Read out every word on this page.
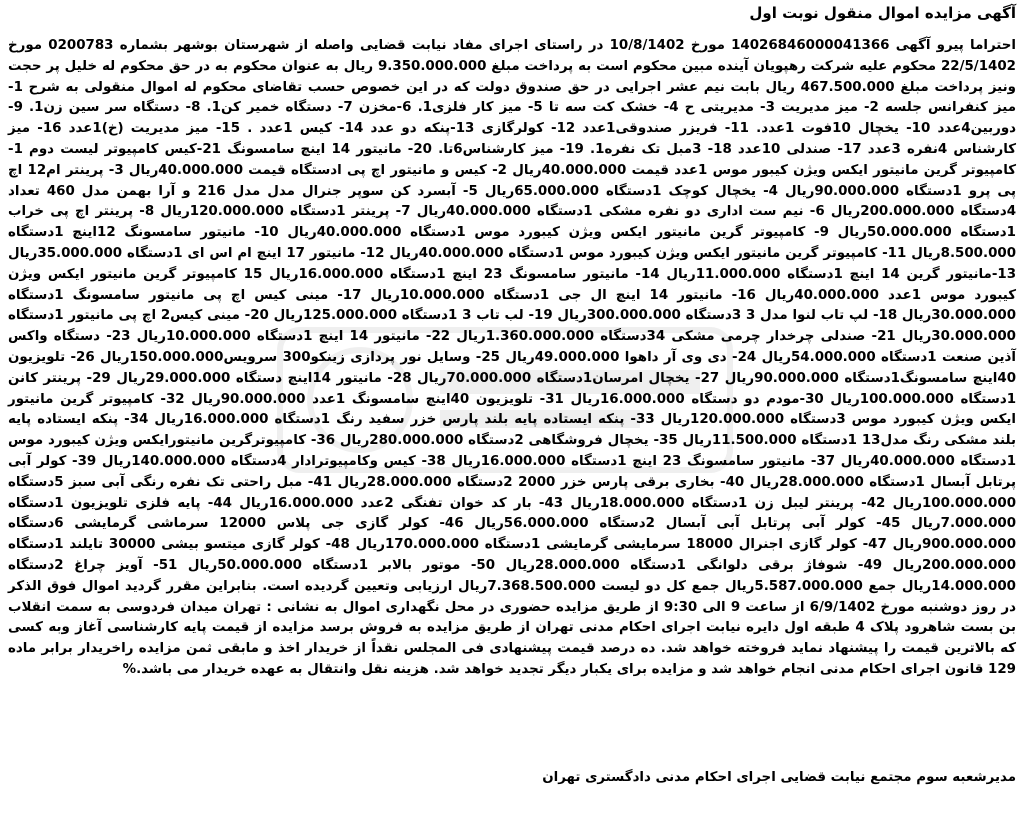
آگهی مزایده اموال منقول نوبت اول
احتراما پیرو آگهی 14026846000041366 مورخ 10/8/1402 در راستای اجرای مفاد نیابت قضایی واصله از شهرستان بوشهر بشماره 0200783 مورخ 22/5/1402 محکوم علیه شرکت رهپویان آینده مبین محکوم است به پرداخت مبلغ 9.350.000.000 ریال به عنوان محکوم به در حق محکوم له خلیل پر حجت ونیز پرداخت مبلغ 467.500.000 ریال بابت نیم عشر اجرایی در حق صندوق دولت که در این خصوص حسب تقاضای محکوم له اموال منقولی به شرح 1- میز کنفرانس جلسه 2- میز مدیریت 3- مدیریتی ح 4- خشک کت سه تا 5- میز کار فلزی1. 6-مخزن 7- دستگاه خمیر کن1. 8- دستگاه سر سین زن1. 9- دوربین4عدد 10- یخچال 10فوت 1عدد. 11- فریزر صندوقی1عدد 12- کولرگازی 13-پنکه دو عدد 14- کیس 1عدد . 15- میز مدیریت (خ)1عدد 16- میز کارشناس 4نفره 3عدد 17- صندلی 10عدد 18- 3مبل تک نفره1. 19- میز کارشناس6تا. 20- مانیتور 14 اینچ سامسونگ 21-کیس کامپیوتر لیست دوم 1- کامپیوتر گرین مانیتور ایکس ویژن کیبور موس 1عدد قیمت 40.000.000ریال 2- کیس و مانیتور اچ پی ادستگاه قیمت 40.000.000ریال 3- پرینتر ام12 اچ پی پرو 1دستگاه 90.000.000ریال 4- یخچال کوچک 1دستگاه 65.000.000ریال 5- آبسرد کن سوپر جنرال مدل مدل 216 و آرا بهمن مدل 460 تعداد 4دستگاه 200.000.000ریال 6- نیم ست اداری دو نفره مشکی 1دستگاه 40.000.000ریال 7- پرینتر 1دستگاه 120.000.000ریال 8- پرینتر اچ پی خراب 1دستگاه 50.000.000ریال 9- کامپیوتر گرین مانیتور ایکس ویژن کیبورد موس 1دستگاه 40.000.000ریال 10- مانیتور سامسونگ 12اینچ 1دستگاه 8.500.000ریال 11- کامپیوتر گرین مانیتور ایکس ویژن کیبورد موس 1دستگاه 40.000.000ریال 12- مانیتور 17 اینچ ام اس ای 1دستگاه 35.000.000ریال 13-مانیتور گرین 14 اینچ 1دستگاه 11.000.000ریال 14- مانیتور سامسونگ 23 اینچ 1دستگاه 16.000.000ریال 15 کامپیوتر گرین مانیتور ایکس ویژن کیبورد موس 1عدد 40.000.000ریال 16- مانیتور 14 اینچ ال جی 1دستگاه 10.000.000ریال 17- مینی کیس اچ پی مانیتور سامسونگ 1دستگاه 30.000.000ریال 18- لپ تاب لنوا مدل 3 3دستگاه 300.000.000ریال 19- لب تاب 3 1دستگاه 125.000.000ریال 20- مینی کیس2 اچ پی مانیتور 1دستگاه 30.000.000ریال 21- صندلی چرخدار چرمی مشکی 34دستگاه 1.360.000.000ریال 22- مانیتور 14 اینچ 1دستگاه 10.000.000ریال 23- دستگاه واکس آذین صنعت 1دستگاه 54.000.000ریال 24- دی وی آر داهوا 49.000.000ریال 25- وسایل نور پردازی زینکو300 سرویس150.000.000ریال 26- تلویزیون 40اینچ سامسونگ1دستگاه 90.000.000ریال 27- یخچال امرسان1دستگاه 70.000.000ریال 28- مانیتور 14اینچ دستگاه 29.000.000ریال 29- پرینتر کانن 1دستگاه 100.000.000ریال 30-مودم دو دستگاه 16.000.000ریال 31- تلویزیون 40اینچ سامسونگ 1عدد 90.000.000ریال 32- کامپیوتر گرین مانیتور ایکس ویژن کیبورد موس 3دستگاه 120.000.000ریال 33- پنکه ایستاده پایه بلند پارس خزر سفید رنگ 1دستگاه 16.000.000ریال 34- پنکه ایستاده پایه بلند مشکی رنگ مدل13 1دستگاه 11.500.000ریال 35- یخچال فروشگاهی 2دستگاه 280.000.000ریال 36- کامپیوترگرین مانیتورایکس ویژن کیبورد موس 1دستگاه 40.000.000ریال 37- مانیتور سامسونگ 23 اینچ 1دستگاه 16.000.000ریال 38- کیس وکامپیوترادار 4دستگاه 140.000.000ریال 39- کولر آبی پرتابل آبسال 1دستگاه 28.000.000ریال 40- بخاری برقی پارس خزر 2000 2دستگاه 28.000.000ریال 41- مبل راحتی تک نفره رنگی آبی سبز 5دستگاه 100.000.000ریال 42- پرینتر لیبل زن 1دستگاه 18.000.000ریال 43- بار کد خوان تفنگی 2عدد 16.000.000ریال 44- پایه فلزی تلویزیون 1دستگاه 7.000.000ریال 45- کولر آبی پرتابل آبی آبسال 2دستگاه 56.000.000ریال 46- کولر گازی جی پلاس 12000 سرماشی گرمایشی 6دستگاه 900.000.000ریال 47- کولر گازی اجنرال 18000 سرمایشی گرمایشی 1دستگاه 170.000.000ریال 48- کولر گازی میتسو بیشی 30000 تایلند 1دستگاه 200.000.000ریال 49- شوفاژ برقی دلوانگی 1دستگاه 28.000.000ریال 50- موتور بالابر 1دستگاه 50.000.000ریال 51- آویز چراغ 2دستگاه 14.000.000ریال جمع 5.587.000.000ریال جمع کل دو لیست 7.368.500.000ریال ارزیابی وتعیین گردیده است. بنابراین مقرر گردید اموال فوق الذکر در روز دوشنبه مورخ 6/9/1402 از ساعت 9 الی 9:30 از طریق مزایده حضوری در محل نگهداری اموال به نشانی : تهران میدان فردوسی به سمت انقلاب بن بست شاهرود پلاک 4 طبقه اول دایره نیابت اجرای احکام مدنی تهران از طریق مزایده به فروش برسد مزایده از قیمت پایه کارشناسی آغاز وبه کسی که بالاترین قیمت را پیشنهاد نماید فروخته خواهد شد. ده درصد قیمت پیشنهادی فی المجلس نقداً از خریدار اخذ و مابقی ثمن مزایده راخریدار برابر ماده 129 قانون اجرای احکام مدنی انجام خواهد شد و مزایده برای یکبار دیگر تجدید خواهد شد. هزینه نقل وانتقال به عهده خریدار می باشد.%
مدیرشعبه سوم مجتمع نیابت قضایی اجرای احکام مدنی دادگستری تهران
